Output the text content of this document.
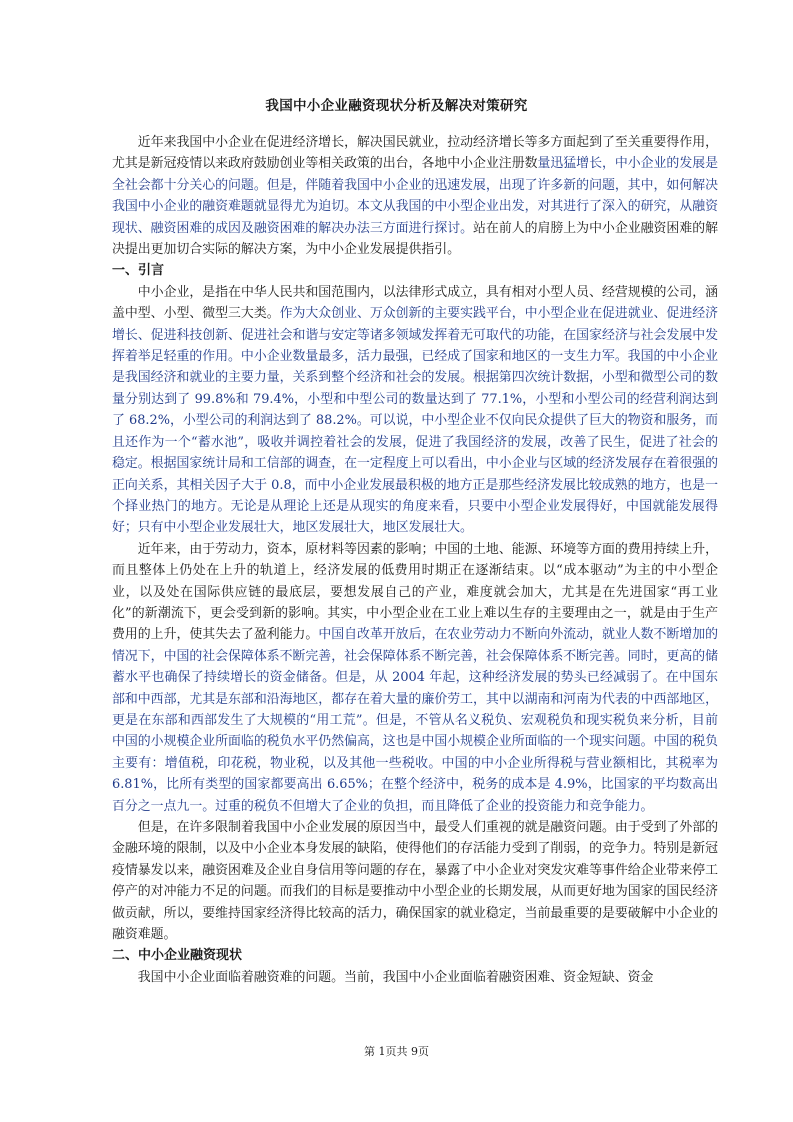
我国中小企业融资现状分析及解决对策研究

近年来我国中小企业在促进经济增长，解决国民就业，拉动经济增长等多方面起到了至关重要得作用，尤其是新冠疫情以来政府鼓励创业等相关政策的出台，各地中小企业注册数量迅猛增长，中小企业的发展是全社会都十分关心的问题。但是，伴随着我国中小企业的迅速发展，出现了许多新的问题，其中，如何解决我国中小企业的融资难题就显得尤为迫切。本文从我国的中小型企业出发，对其进行了深入的研究，从融资现状、融资困难的成因及融资困难的解决办法三方面进行探讨。站在前人的肩膀上为中小企业融资困难的解决提出更加切合实际的解决方案，为中小企业发展提供指引。

一、引言

中小企业，是指在中华人民共和国范围内，以法律形式成立，具有相对小型人员、经营规模的公司，涵盖中型、小型、微型三大类。作为大众创业、万众创新的主要实践平台，中小型企业在促进就业、促进经济增长、促进科技创新、促进社会和谐与安定等诸多领域发挥着无可取代的功能，在国家经济与社会发展中发挥着举足轻重的作用。中小企业数量最多，活力最强，已经成了国家和地区的一支生力军。我国的中小企业是我国经济和就业的主要力量，关系到整个经济和社会的发展。根据第四次统计数据，小型和微型公司的数量分别达到了 99.8%和 79.4%，小型和中型公司的数量达到了 77.1%，小型和小型公司的经营利润达到了 68.2%，小型公司的利润达到了 88.2%。可以说，中小型企业不仅向民众提供了巨大的物资和服务，而且还作为一个“蓄水池”，吸收并调控着社会的发展，促进了我国经济的发展，改善了民生，促进了社会的稳定。根据国家统计局和工信部的调查，在一定程度上可以看出，中小企业与区域的经济发展存在着很强的正向关系，其相关因子大于 0.8，而中小企业发展最积极的地方正是那些经济发展比较成熟的地方，也是一个择业热门的地方。无论是从理论上还是从现实的角度来看，只要中小型企业发展得好，中国就能发展得好；只有中小型企业发展壮大，地区发展壮大，地区发展壮大。

近年来，由于劳动力，资本，原材料等因素的影响；中国的土地、能源、环境等方面的费用持续上升，而且整体上仍处在上升的轨道上，经济发展的低费用时期正在逐渐结束。以“成本驱动”为主的中小型企业，以及处在国际供应链的最底层，要想发展自己的产业，难度就会加大，尤其是在先进国家“再工业化”的新潮流下，更会受到新的影响。其实，中小型企业在工业上难以生存的主要理由之一，就是由于生产费用的上升，使其失去了盈利能力。中国自改革开放后，在农业劳动力不断向外流动，就业人数不断增加的情况下，中国的社会保障体系不断完善，社会保障体系不断完善，社会保障体系不断完善。同时，更高的储蓄水平也确保了持续增长的资金储备。但是，从 2004 年起，这种经济发展的势头已经减弱了。在中国东部和中西部，尤其是东部和沿海地区，都存在着大量的廉价劳工，其中以湖南和河南为代表的中西部地区，更是在东部和西部发生了大规模的“用工荒”。但是，不管从名义税负、宏观税负和现实税负来分析，目前中国的小规模企业所面临的税负水平仍然偏高，这也是中国小规模企业所面临的一个现实问题。中国的税负主要有：增值税，印花税，物业税，以及其他一些税收。中国的中小企业所得税与营业额相比，其税率为 6.81%，比所有类型的国家都要高出 6.65%；在整个经济中，税务的成本是 4.9%，比国家的平均数高出百分之一点九一。过重的税负不但增大了企业的负担，而且降低了企业的投资能力和竞争能力。

但是，在许多限制着我国中小企业发展的原因当中，最受人们重视的就是融资问题。由于受到了外部的金融环境的限制，以及中小企业本身发展的缺陷，使得他们的存活能力受到了削弱，的竞争力。特别是新冠疫情暴发以来，融资困难及企业自身信用等问题的存在，暴露了中小企业对突发灾难等事件给企业带来停工停产的对冲能力不足的问题。而我们的目标是要推动中小型企业的长期发展，从而更好地为国家的国民经济做贡献，所以，要维持国家经济得比较高的活力，确保国家的就业稳定，当前最重要的是要破解中小企业的融资难题。

二、中小企业融资现状

我国中小企业面临着融资难的问题。当前，我国中小企业面临着融资困难、资金短缺、资金

第 1页共 9页
